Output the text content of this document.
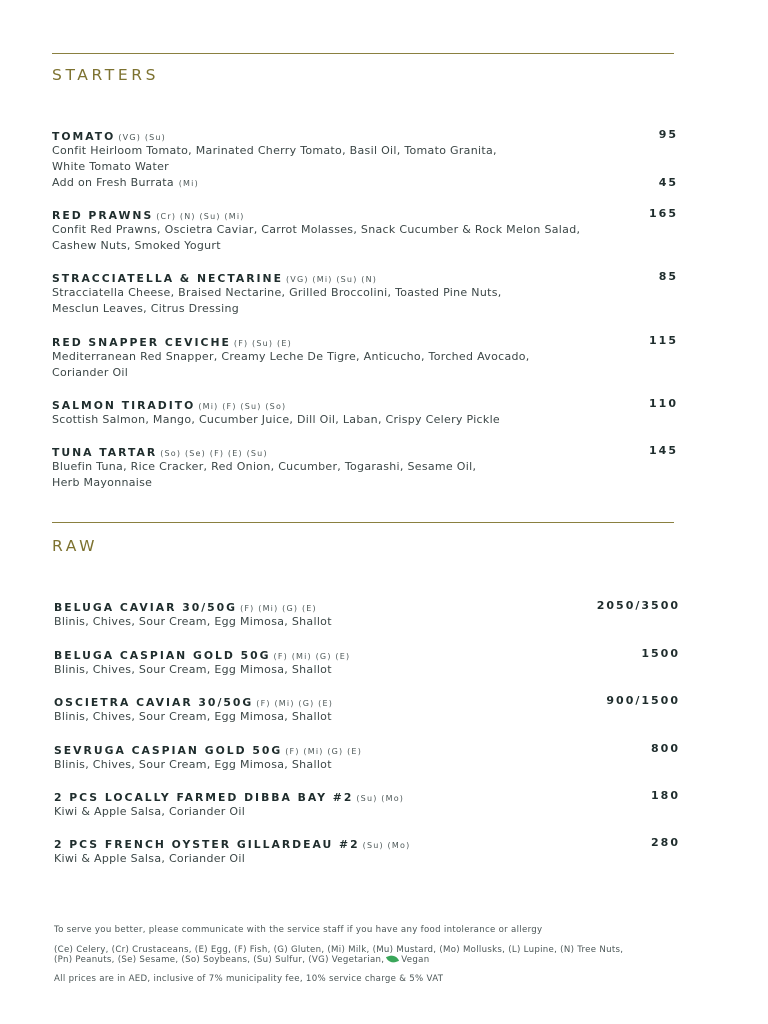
STARTERS
TOMATO (VG) (Su)	95
Confit Heirloom Tomato, Marinated Cherry Tomato, Basil Oil, Tomato Granita,
White Tomato Water
Add on Fresh Burrata (Mi)	45
RED PRAWNS (Cr) (N) (Su) (Mi)	165
Confit Red Prawns, Oscietra Caviar, Carrot Molasses, Snack Cucumber & Rock Melon Salad,
Cashew Nuts, Smoked Yogurt
STRACCIATELLA & NECTARINE (VG) (Mi) (Su) (N)	85
Stracciatella Cheese, Braised Nectarine, Grilled Broccolini, Toasted Pine Nuts,
Mesclun Leaves, Citrus Dressing
RED SNAPPER CEVICHE (F) (Su) (E)	115
Mediterranean Red Snapper, Creamy Leche De Tigre, Anticucho, Torched Avocado,
Coriander Oil
SALMON TIRADITO (Mi) (F) (Su) (So)	110
Scottish Salmon, Mango, Cucumber Juice, Dill Oil, Laban, Crispy Celery Pickle
TUNA TARTAR (So) (Se) (F) (E) (Su)	145
Bluefin Tuna, Rice Cracker, Red Onion, Cucumber, Togarashi, Sesame Oil,
Herb Mayonnaise
RAW
BELUGA CAVIAR 30/50G (F) (Mi) (G) (E)	2050/3500
Blinis, Chives, Sour Cream, Egg Mimosa, Shallot
BELUGA CASPIAN GOLD 50G (F) (Mi) (G) (E)	1500
Blinis, Chives, Sour Cream, Egg Mimosa, Shallot
OSCIETRA CAVIAR 30/50G (F) (Mi) (G) (E)	900/1500
Blinis, Chives, Sour Cream, Egg Mimosa, Shallot
SEVRUGA CASPIAN GOLD 50G (F) (Mi) (G) (E)	800
Blinis, Chives, Sour Cream, Egg Mimosa, Shallot
2 PCS LOCALLY FARMED DIBBA BAY #2 (Su) (Mo)	180
Kiwi & Apple Salsa, Coriander Oil
2 PCS FRENCH OYSTER GILLARDEAU #2 (Su) (Mo)	280
Kiwi & Apple Salsa, Coriander Oil
To serve you better, please communicate with the service staff if you have any food intolerance or allergy
(Ce) Celery, (Cr) Crustaceans, (E) Egg, (F) Fish, (G) Gluten, (Mi) Milk, (Mu) Mustard, (Mo) Mollusks, (L) Lupine, (N) Tree Nuts,
(Pn) Peanuts, (Se) Sesame, (So) Soybeans, (Su) Sulfur, (VG) Vegetarian, Vegan
All prices are in AED, inclusive of 7% municipality fee, 10% service charge & 5% VAT
